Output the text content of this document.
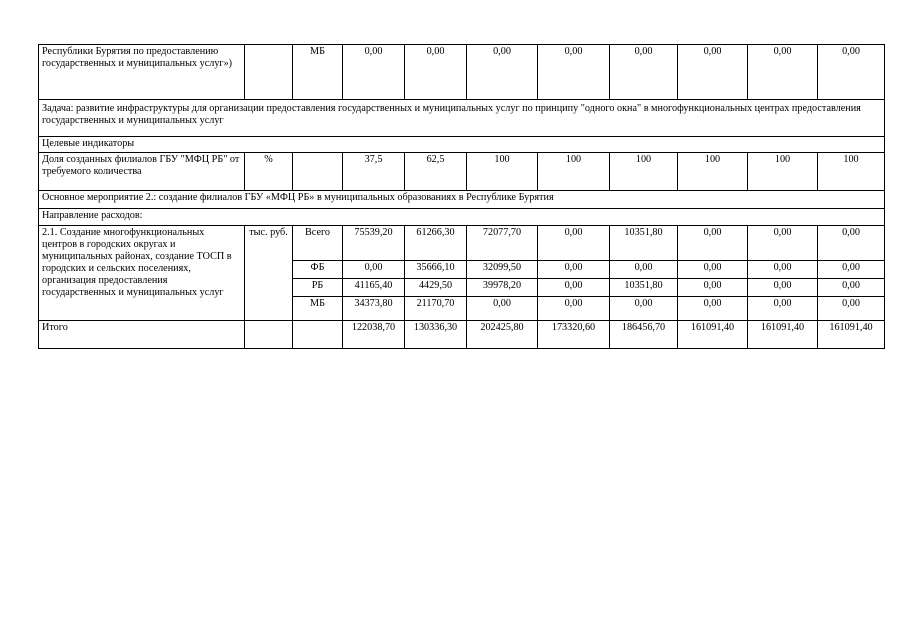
Республики Бурятия по предоставлению государственных и муниципальных услуг»)		МБ	0,00	0,00	0,00	0,00	0,00	0,00	0,00	0,00
Задача: развитие инфраструктуры для организации предоставления государственных и муниципальных услуг по принципу "одного окна" в многофункциональных центрах предоставления государственных и муниципальных услуг										
Целевые индикаторы										
Доля созданных филиалов ГБУ "МФЦ РБ" от требуемого количества	%		37,5	62,5	100	100	100	100	100	100
Основное мероприятие 2.: создание филиалов ГБУ «МФЦ РБ» в муниципальных образованиях в Республике Бурятия										
Направление расходов:										
2.1. Создание многофункциональных центров в городских округах и муниципальных районах, создание ТОСП в городских и сельских поселениях, организация предоставления государственных и муниципальных услуг	тыс. руб.	Всего	75539,20	61266,30	72077,70	0,00	10351,80	0,00	0,00	0,00
		ФБ	0,00	35666,10	32099,50	0,00	0,00	0,00	0,00	0,00
		РБ	41165,40	4429,50	39978,20	0,00	10351,80	0,00	0,00	0,00
		МБ	34373,80	21170,70	0,00	0,00	0,00	0,00	0,00	0,00
Итого			122038,70	130336,30	202425,80	173320,60	186456,70	161091,40	161091,40	161091,40
